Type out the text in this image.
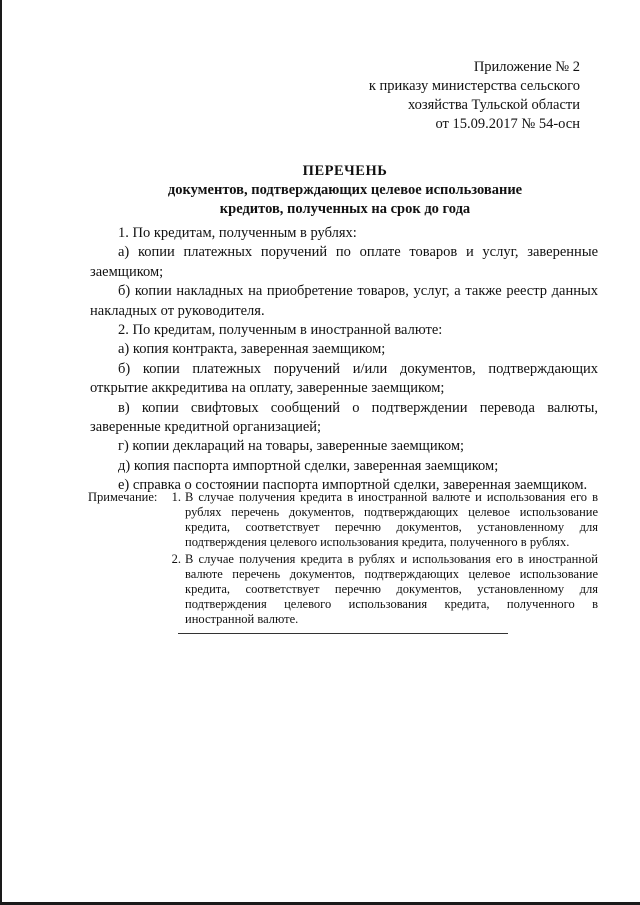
Приложение № 2
к приказу министерства сельского
хозяйства Тульской области
от 15.09.2017 № 54-осн
ПЕРЕЧЕНЬ
документов, подтверждающих целевое использование
кредитов, полученных на срок до года

1. По кредитам, полученным в рублях:

а) копии платежных поручений по оплате товаров и услуг, заверенные заемщиком;

б) копии накладных на приобретение товаров, услуг, а также реестр данных накладных от руководителя.

2. По кредитам, полученным в иностранной валюте:

а) копия контракта, заверенная заемщиком;

б) копии платежных поручений и/или документов, подтверждающих открытие аккредитива на оплату, заверенные заемщиком;

в) копии свифтовых сообщений о подтверждении перевода валюты, заверенные кредитной организацией;

г) копии деклараций на товары, заверенные заемщиком;

д) копия паспорта импортной сделки, заверенная заемщиком;

е) справка о состоянии паспорта импортной сделки, заверенная заемщиком.

Примечание:	1. В случае получения кредита в иностранной валюте и использования его в рублях перечень документов, подтверждающих целевое использование кредита, соответствует перечню документов, установленному для подтверждения целевого использования кредита, полученного в рублях.
2. В случае получения кредита в рублях и использования его в иностранной валюте перечень документов, подтверждающих целевое использование кредита, соответствует перечню документов, установленному для подтверждения целевого использования кредита, полученного в иностранной валюте.
